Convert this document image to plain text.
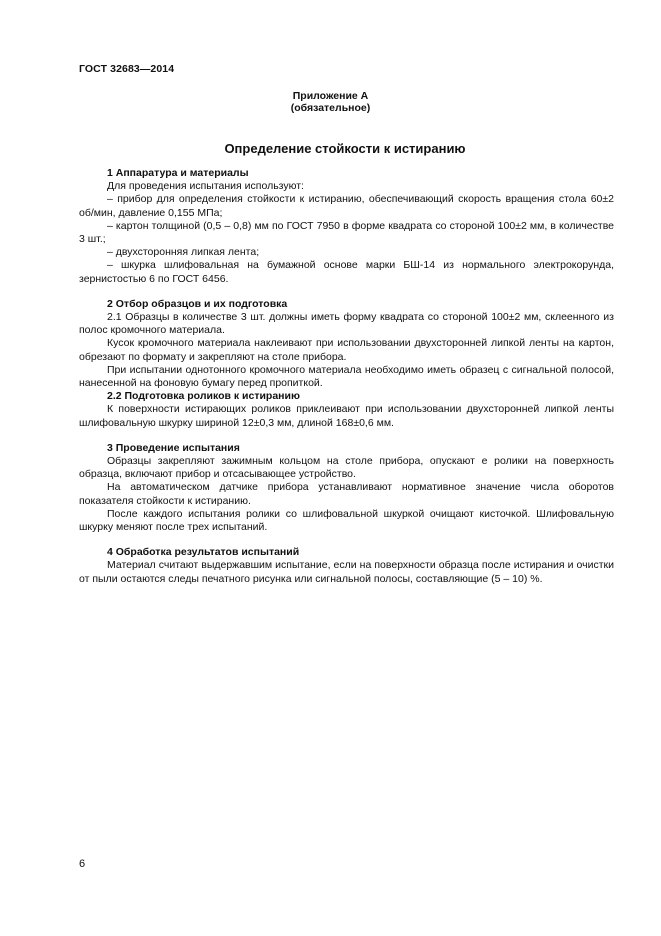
ГОСТ 32683—2014
Приложение А
(обязательное)
Определение стойкости к истиранию

1 Аппаратура и материалы

Для проведения испытания используют:

– прибор для определения стойкости к истиранию, обеспечивающий скорость вращения стола 60±2 об/мин, давление 0,155 МПа;

– картон толщиной (0,5 – 0,8) мм по ГОСТ 7950 в форме квадрата со стороной 100±2 мм, в количестве 3 шт.;

– двухсторонняя липкая лента;

– шкурка шлифовальная на бумажной основе марки БШ-14 из нормального электрокорунда, зернистостью 6 по ГОСТ 6456.

2 Отбор образцов и их подготовка

2.1 Образцы в количестве 3 шт. должны иметь форму квадрата со стороной 100±2 мм, склеенного из полос кромочного материала.

Кусок кромочного материала наклеивают при использовании двухсторонней липкой ленты на картон, обрезают по формату и закрепляют на столе прибора.

При испытании однотонного кромочного материала необходимо иметь образец с сигнальной полосой, нанесенной на фоновую бумагу перед пропиткой.

2.2 Подготовка роликов к истиранию

К поверхности истирающих роликов приклеивают при использовании двухсторонней липкой ленты шлифовальную шкурку шириной 12±0,3 мм, длиной 168±0,6 мм.

3 Проведение испытания

Образцы закрепляют зажимным кольцом на столе прибора, опускают е ролики на поверхность образца, включают прибор и отсасывающее устройство.

На автоматическом датчике прибора устанавливают нормативное значение числа оборотов показателя стойкости к истиранию.

После каждого испытания ролики со шлифовальной шкуркой очищают кисточкой. Шлифовальную шкурку меняют после трех испытаний.

4 Обработка результатов испытаний

Материал считают выдержавшим испытание, если на поверхности образца после истирания и очистки от пыли остаются следы печатного рисунка или сигнальной полосы, составляющие (5 – 10) %.

6
